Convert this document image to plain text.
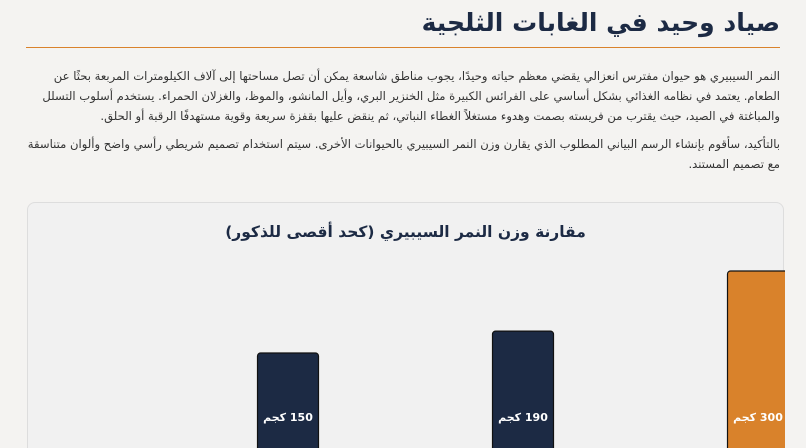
صياد وحيد في الغابات الثلجية

النمر السيبيري هو حيوان مفترس انعزالي يقضي معظم حياته وحيدًا، يجوب مناطق شاسعة يمكن أن تصل مساحتها إلى آلاف الكيلومترات المربعة بحثًا عن الطعام. يعتمد في نظامه الغذائي بشكل أساسي على الفرائس الكبيرة مثل الخنزير البري، وأيل المانشو، والموظ، والغزلان الحمراء. يستخدم أسلوب التسلل والمباغتة في الصيد، حيث يقترب من فريسته بصمت وهدوء مستغلاً الغطاء النباتي، ثم ينقض عليها بقفزة سريعة وقوية مستهدفًا الرقبة أو الحلق.

بالتأكيد، سأقوم بإنشاء الرسم البياني المطلوب الذي يقارن وزن النمر السيبيري بالحيوانات الأخرى. سيتم استخدام تصميم شريطي رأسي واضح وألوان متناسقة مع تصميم المستند.

مقارنة وزن النمر السيبيري (كحد أقصى للذكور)
300 كجم
190 كجم
150 كجم
